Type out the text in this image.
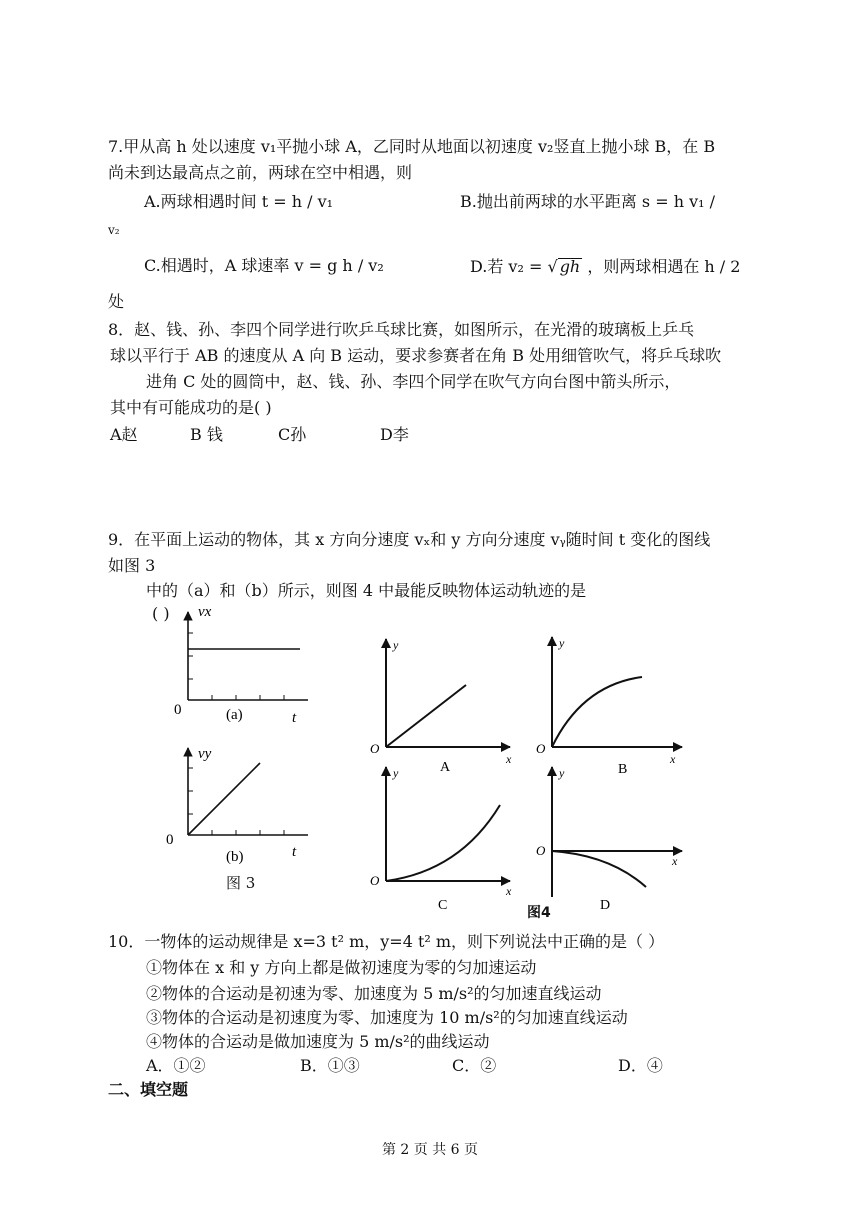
7.甲从高 h 处以速度 v₁平抛小球 A，乙同时从地面以初速度 v₂竖直上抛小球 B，在 B
尚未到达最高点之前，两球在空中相遇，则
A.两球相遇时间 t = h / v₁	B.抛出前两球的水平距离 s = h v₁ /
v₂
C.相遇时，A 球速率 v = g h / v₂	D.若 v₂ = √ gh ，则两球相遇在 h / 2
处
8．赵、钱、孙、李四个同学进行吹乒乓球比赛，如图所示，在光滑的玻璃板上乒乓
球以平行于 AB 的速度从 A 向 B 运动，要求参赛者在角 B 处用细管吹气，将乒乓球吹
进角 C 处的圆筒中，赵、钱、孙、李四个同学在吹气方向台图中箭头所示，
其中有可能成功的是( )
A赵	B 钱	C孙	D李
9．在平面上运动的物体，其 x 方向分速度 vₓ和 y 方向分速度 vᵧ随时间 t 变化的图线
如图 3
中的（a）和（b）所示，则图 4 中最能反映物体运动轨迹的是
( ) vx
0	t
(a)
vy
0
t
(b)
图 3
y
O
x
A
y
O
x
B
y
O
x
C
y
O
x
D
图4
10．一物体的运动规律是 x=3 t² m，y=4 t² m，则下列说法中正确的是（ ）
①物体在 x 和 y 方向上都是做初速度为零的匀加速运动
②物体的合运动是初速为零、加速度为 5 m/s²的匀加速直线运动
③物体的合运动是初速度为零、加速度为 10 m/s²的匀加速直线运动
④物体的合运动是做加速度为 5 m/s²的曲线运动
A．①②	B．①③	C．②	D．④
二、填空题
第 2 页 共 6 页
